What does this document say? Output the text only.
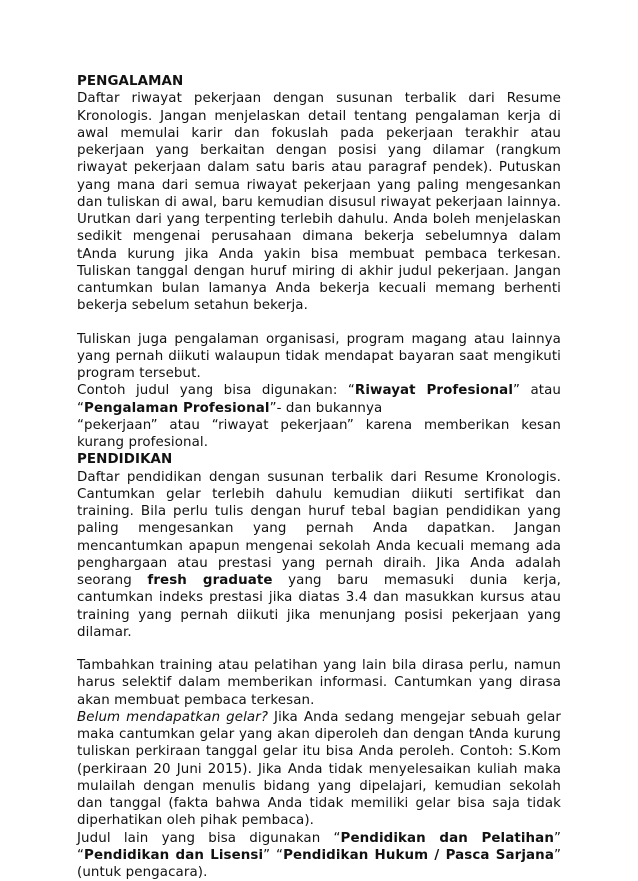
PENGALAMAN

Daftar riwayat pekerjaan dengan susunan terbalik dari Resume Kronologis. Jangan menjelaskan detail tentang pengalaman kerja di awal memulai karir dan fokuslah pada pekerjaan terakhir atau pekerjaan yang berkaitan dengan posisi yang dilamar (rangkum riwayat pekerjaan dalam satu baris atau paragraf pendek). Putuskan yang mana dari semua riwayat pekerjaan yang paling mengesankan dan tuliskan di awal, baru kemudian disusul riwayat pekerjaan lainnya. Urutkan dari yang terpenting terlebih dahulu. Anda boleh menjelaskan sedikit mengenai perusahaan dimana bekerja sebelumnya dalam tAnda kurung jika Anda yakin bisa membuat pembaca terkesan. Tuliskan tanggal dengan huruf miring di akhir judul pekerjaan. Jangan cantumkan bulan lamanya Anda bekerja kecuali memang berhenti bekerja sebelum setahun bekerja.

Tuliskan juga pengalaman organisasi, program magang atau lainnya yang pernah diikuti walaupun tidak mendapat bayaran saat mengikuti program tersebut.

Contoh judul yang bisa digunakan: “Riwayat Profesional” atau “Pengalaman Profesional”- dan bukannya

“pekerjaan” atau “riwayat pekerjaan” karena memberikan kesan kurang profesional.

PENDIDIKAN

Daftar pendidikan dengan susunan terbalik dari Resume Kronologis. Cantumkan gelar terlebih dahulu kemudian diikuti sertifikat dan training. Bila perlu tulis dengan huruf tebal bagian pendidikan yang paling mengesankan yang pernah Anda dapatkan. Jangan mencantumkan apapun mengenai sekolah Anda kecuali memang ada penghargaan atau prestasi yang pernah diraih. Jika Anda adalah seorang fresh graduate yang baru memasuki dunia kerja, cantumkan indeks prestasi jika diatas 3.4 dan masukkan kursus atau training yang pernah diikuti jika menunjang posisi pekerjaan yang dilamar.

Tambahkan training atau pelatihan yang lain bila dirasa perlu, namun harus selektif dalam memberikan informasi. Cantumkan yang dirasa akan membuat pembaca terkesan.

Belum mendapatkan gelar? Jika Anda sedang mengejar sebuah gelar maka cantumkan gelar yang akan diperoleh dan dengan tAnda kurung tuliskan perkiraan tanggal gelar itu bisa Anda peroleh. Contoh: S.Kom (perkiraan 20 Juni 2015). Jika Anda tidak menyelesaikan kuliah maka mulailah dengan menulis bidang yang dipelajari, kemudian sekolah dan tanggal (fakta bahwa Anda tidak memiliki gelar bisa saja tidak diperhatikan oleh pihak pembaca).

Judul lain yang bisa digunakan “Pendidikan dan Pelatihan” “Pendidikan dan Lisensi” “Pendidikan Hukum / Pasca Sarjana” (untuk pengacara).
